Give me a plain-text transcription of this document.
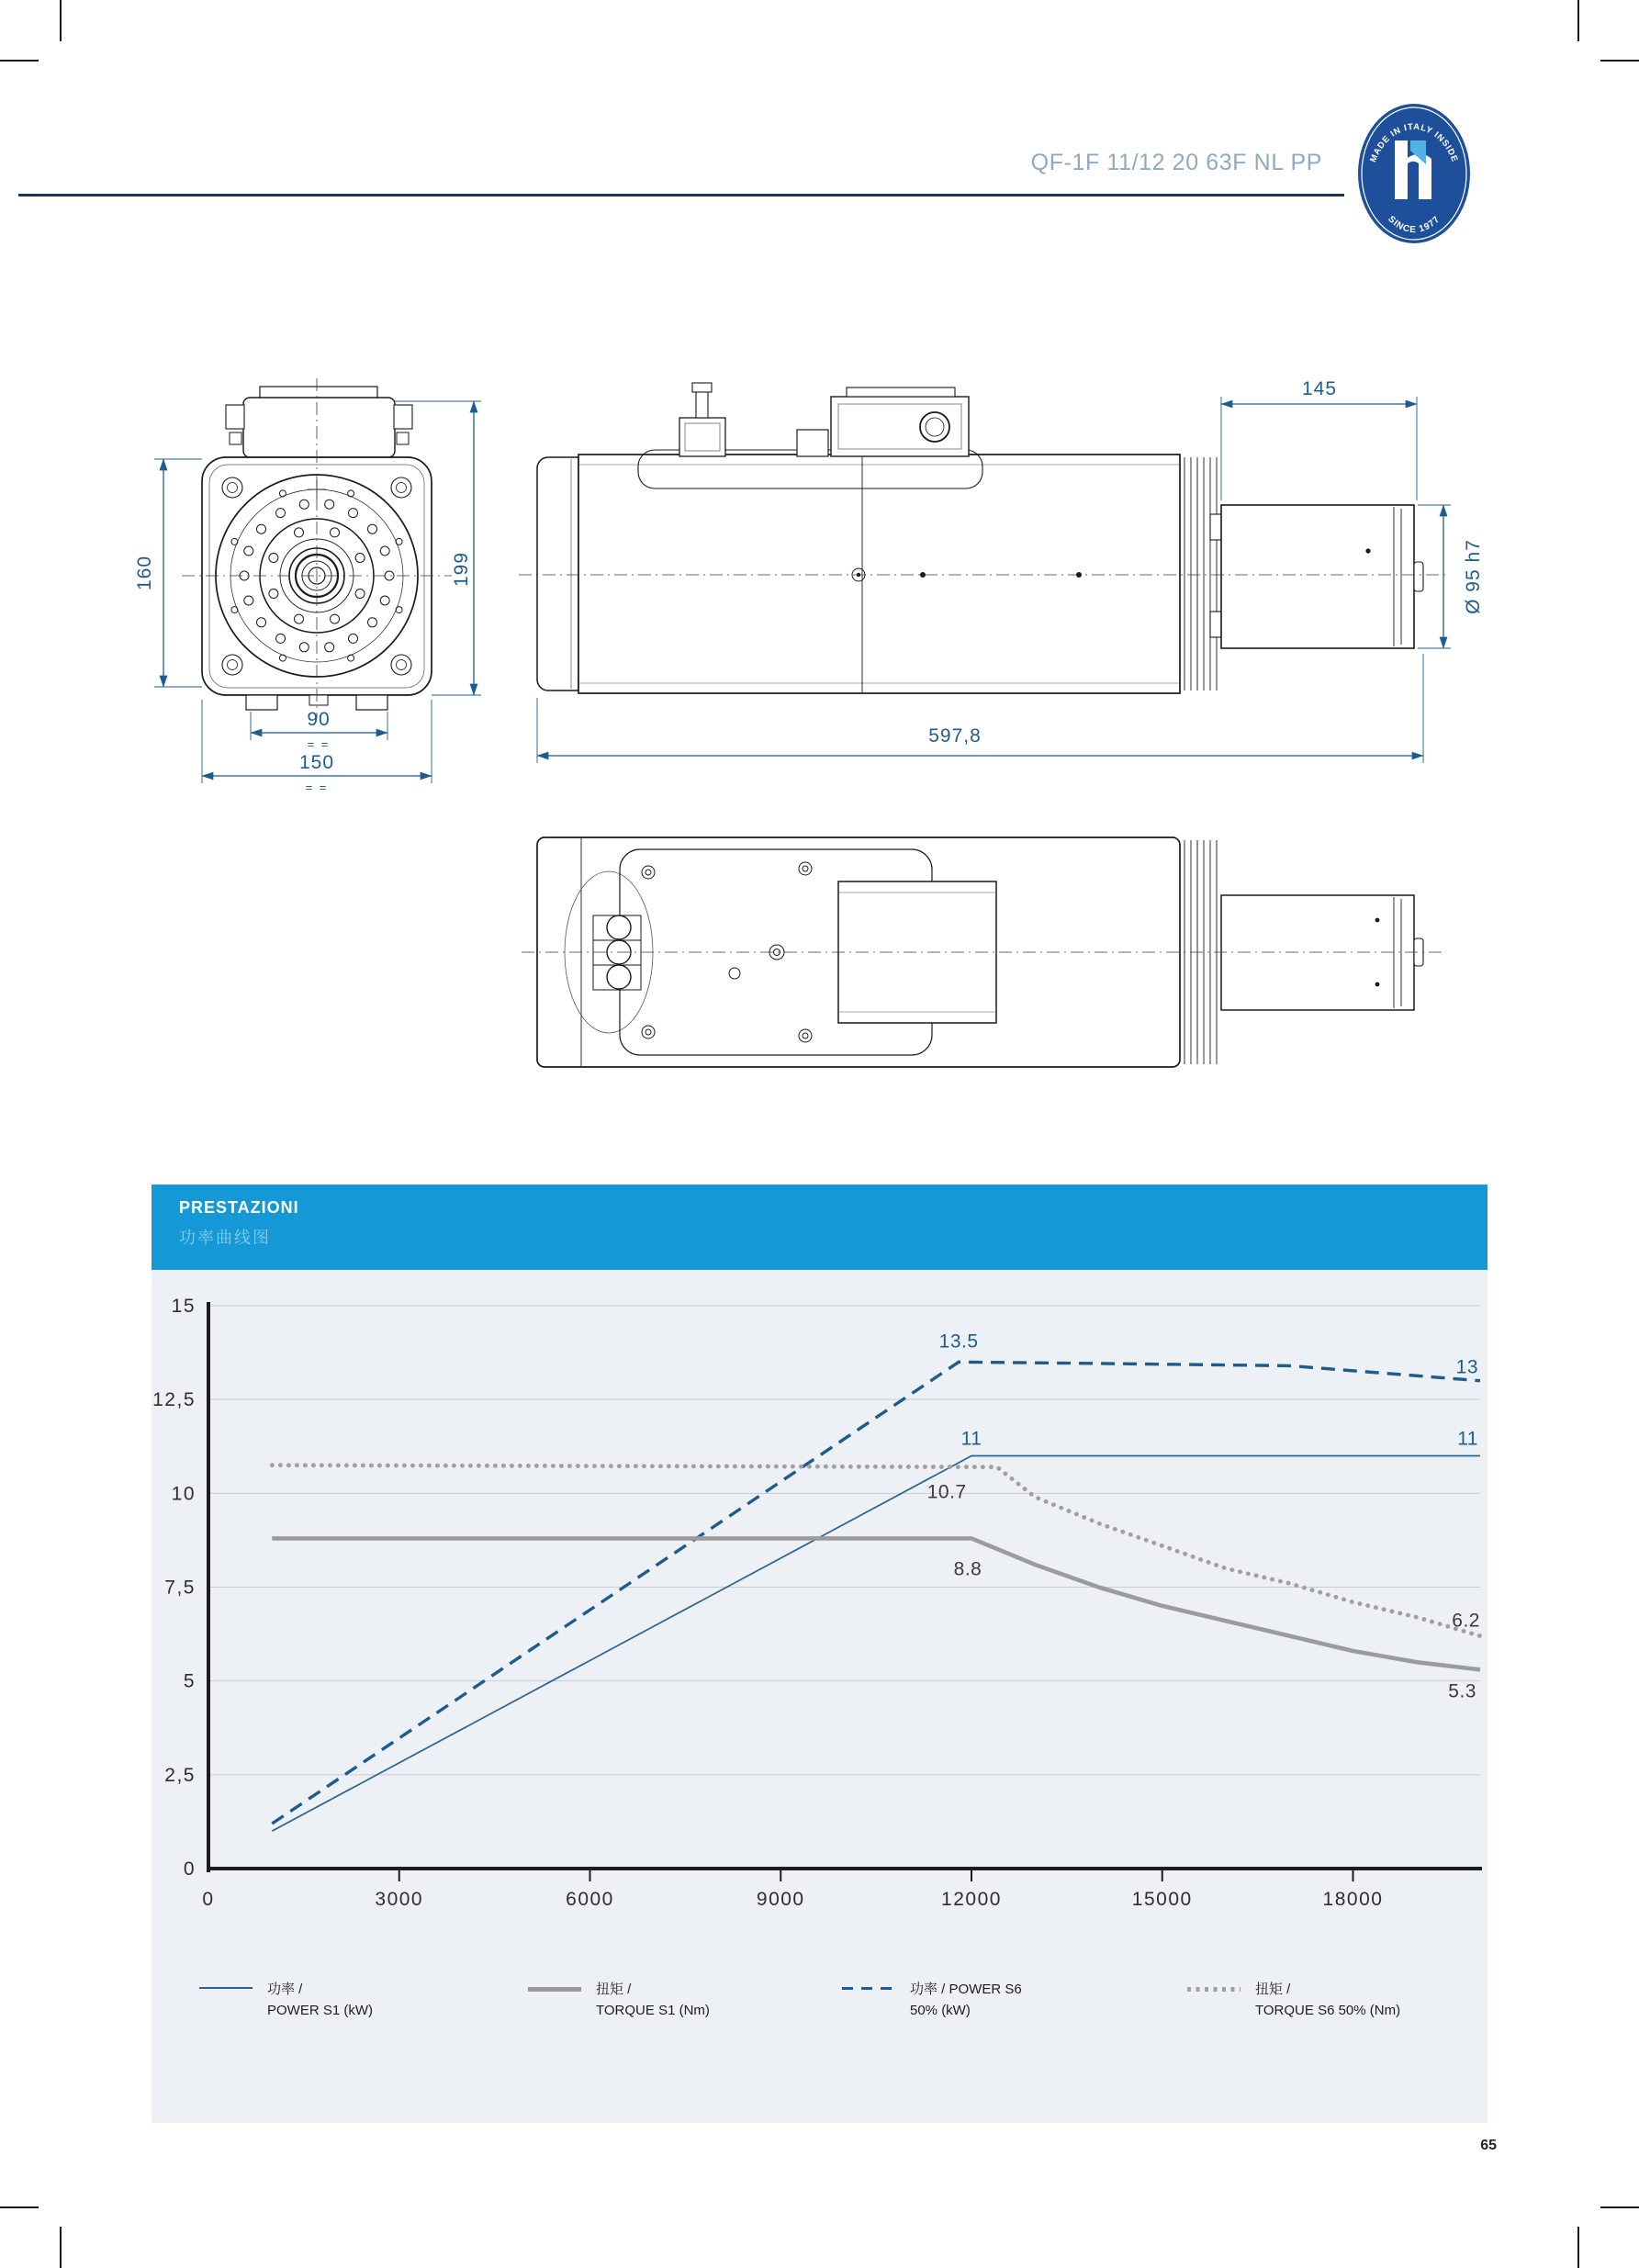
QF-1F 11/12 20 63F NL PP	MADE IN ITALY INSIDE
SINCE 1977
160	199
90
= =
150
= =
145
Ø 95 h7
597,8
PRESTAZIONI
功率曲线图
0	3000	6000	9000	12000	15000	18000
0
2,5
5
7,5
10
12,5
15
11	11
13.5
13
8.8
5.3
10.7
6.2
功率 /
POWER S1 (kW)
扭矩 /
TORQUE S1 (Nm)
功率 / POWER S6
50% (kW)
扭矩 /
TORQUE S6 50% (Nm)
65
